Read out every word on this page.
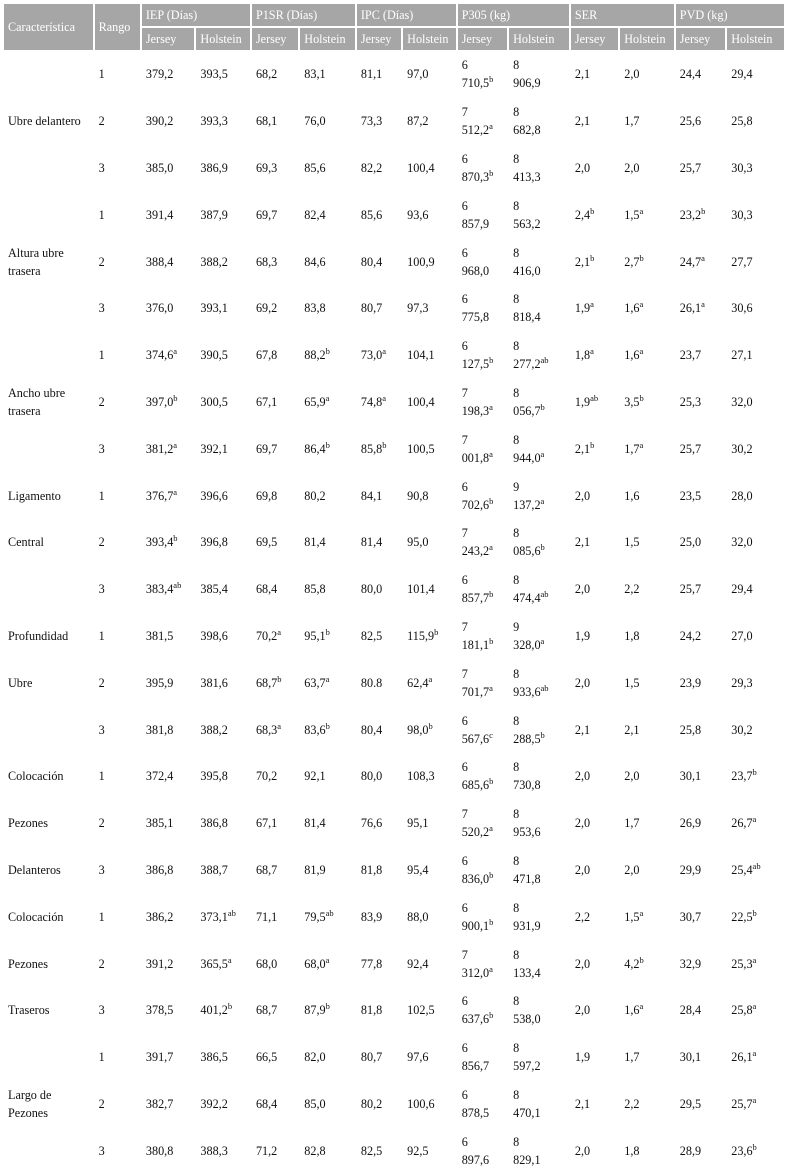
Característica	Rango	IEP (Días)		P1SR (Días)		IPC (Días)		P305 (kg)		SER		PVD (kg)	
		Jersey	Holstein	Jersey	Holstein	Jersey	Holstein	Jersey	Holstein	Jersey	Holstein	Jersey	Holstein
Ubre delantero	1	379,2	393,5	68,2	83,1	81,1	97,0	6 710,5$^b$	8 906,9	2,1	2,0	24,4	29,4
	2	390,2	393,3	68,1	76,0	73,3	87,2	7 512,2$^a$	8 682,8	2,1	1,7	25,6	25,8
	3	385,0	386,9	69,3	85,6	82,2	100,4	6 870,3$^b$	8 413,3	2,0	2,0	25,7	30,3
Altura ubre trasera	1	391,4	387,9	69,7	82,4	85,6	93,6	6 857,9	8 563,2	2,4$^b$	1,5$^a$	23,2$^b$	30,3
	2	388,4	388,2	68,3	84,6	80,4	100,9	6 968,0	8 416,0	2,1$^b$	2,7$^b$	24,7$^a$	27,7
	3	376,0	393,1	69,2	83,8	80,7	97,3	6 775,8	8 818,4	1,9$^a$	1,6$^a$	26,1$^a$	30,6
Ancho ubre trasera	1	374,6$^a$	390,5	67,8	88,2$^b$	73,0$^a$	104,1	6 127,5$^b$	8 277,2$^{ab}$	1,8$^a$	1,6$^a$	23,7	27,1
	2	397,0$^b$	300,5	67,1	65,9$^a$	74,8$^a$	100,4	7 198,3$^a$	8 056,7$^b$	1,9$^{ab}$	3,5$^b$	25,3	32,0
	3	381,2$^a$	392,1	69,7	86,4$^b$	85,8$^b$	100,5	7 001,8$^a$	8 944,0$^a$	2,1$^b$	1,7$^a$	25,7	30,2
Ligamento	1	376,7$^a$	396,6	69,8	80,2	84,1	90,8	6 702,6$^b$	9 137,2$^a$	2,0	1,6	23,5	28,0
Central	2	393,4$^b$	396,8	69,5	81,4	81,4	95,0	7 243,2$^a$	8 085,6$^b$	2,1	1,5	25,0	32,0
	3	383,4$^{ab}$	385,4	68,4	85,8	80,0	101,4	6 857,7$^b$	8 474,4$^{ab}$	2,0	2,2	25,7	29,4
Profundidad	1	381,5	398,6	70,2$^a$	95,1$^b$	82,5	115,9$^b$	7 181,1$^b$	9 328,0$^a$	1,9	1,8	24,2	27,0
Ubre	2	395,9	381,6	68,7$^b$	63,7$^a$	80.8	62,4$^a$	7 701,7$^a$	8 933,6$^{ab}$	2,0	1,5	23,9	29,3
	3	381,8	388,2	68,3$^a$	83,6$^b$	80,4	98,0$^b$	6 567,6$^c$	8 288,5$^b$	2,1	2,1	25,8	30,2
Colocación	1	372,4	395,8	70,2	92,1	80,0	108,3	6 685,6$^b$	8 730,8	2,0	2,0	30,1	23,7$^b$
Pezones	2	385,1	386,8	67,1	81,4	76,6	95,1	7 520,2$^a$	8 953,6	2,0	1,7	26,9	26,7$^a$
Delanteros	3	386,8	388,7	68,7	81,9	81,8	95,4	6 836,0$^b$	8 471,8	2,0	2,0	29,9	25,4$^{ab}$
Colocación	1	386,2	373,1$^{ab}$	71,1	79,5$^{ab}$	83,9	88,0	6 900,1$^b$	8 931,9	2,2	1,5$^a$	30,7	22,5$^b$
Pezones	2	391,2	365,5$^a$	68,0	68,0$^a$	77,8	92,4	7 312,0$^a$	8 133,4	2,0	4,2$^b$	32,9	25,3$^a$
Traseros	3	378,5	401,2$^b$	68,7	87,9$^b$	81,8	102,5	6 637,6$^b$	8 538,0	2,0	1,6$^a$	28,4	25,8$^a$
Largo de Pezones	1	391,7	386,5	66,5	82,0	80,7	97,6	6 856,7	8 597,2	1,9	1,7	30,1	26,1$^a$
	2	382,7	392,2	68,4	85,0	80,2	100,6	6 878,5	8 470,1	2,1	2,2	29,5	25,7$^a$
	3	380,8	388,3	71,2	82,8	82,5	92,5	6 897,6	8 829,1	2,0	1,8	28,9	23,6$^b$
